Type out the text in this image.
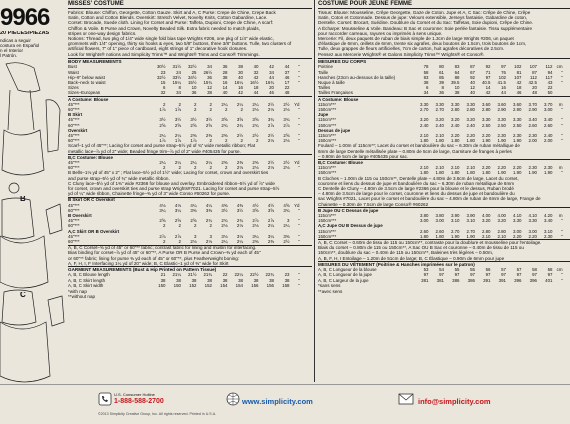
9966
20 PIECES/PIEZAS
ndicas a seguir
costura en Español
n el Interior
l Patrón.
B
C
MISSES' COSTUME	COSTUME POUR JEUNE FEMME
Fabrics: Blouse: Chiffon, Georgette, Cotton Gauze. Skirt and A, C Purse: Crepe de Chine, Crepe Back
Satin, Cotton and Cotton Blends. Overskirt: Stretch Velvet, Novelty Knits, Cotton Gabardine, Lace.
Corset: Brocade, Suede cloth. Lining for Corset and Purse: Taffeta, Dupioni, Crepe de Chine, A scarf:
Chiffon & Voile. B Purse and Crown, Novelty Beaded Silk. Extra fabric needed to match plaids,
stripes or one-way design fabrics.
Notions: Thread, two pkg of 1/4" wide single fold bias tape Wrights #206, one pkg of 1/4" wide elastic,
grommets with 1/4" opening, thirty six hooks & eyes, two 5/8" buttons, three 3/8" buttons. Tulle, two clusters of
artificial flowers, 7" of 1" piece of cardboard, eight strings of 1" decorative hook closures.
Look for Wrights® notions and Simplicity Trims™ and Wrights® Trims and Conso® Trimmings.
Tissus: Blouse: Mousseline, Crêpe Georgette, Gaze de Coton. Jupe et A, C Sac: Crêpe de Chine, Crêpe
Satin, Coton et Cotonnade. Dessus de jupe: Velours extensible, Jerseys fantaisie, Gabardine de coton,
Dentelle. Corset: Brocart, Suédine. Doublure du Corset et du Sac: Taffetas, Soie dupioni, Crêpe de Chine.
A Écharpe: Mousseline & Voile. Bandeau: B Sac et couronne: Soie perlée fantaisie. Tissu supplémentaire
pour raccorder carreaux, rayures ou imprimés à sens unique.
Mercerie: Fil, deux paquets de ruban de biais simple de 1.3cm de large Wrights #206, un paquet
d'élastique de 6mm, œillets de 6mm, trente six agrafes, deux boutons de 1.5cm, trois boutons de 1cm,
Tulle, deux grappes de fleurs artificielles, 7cm de carton, huit agrafes décoratives de 2.5cm.
Pensez aux Mercerie Wrights® et Galons Simplicity Trims™ Wrights® et Conso®.
BODY MEASUREMENTS
Bust	30½	31½	32½	34	36	38	40	42	44	"
Waist	23	24	25	26½	28	30	32	34	37	"
Hip–9" below waist	32½	33½	34½	36	38	40	42	44	46	"
Back–neck to waist	15	15¼	15½	15¾	16	16¼	16½	16¾	17	"
Sizes	6	8	10	12	14	16	18	20	22
Sizes–European	32	34	36	38	40	42	44	46	48
A Costume: Blouse
45"***	2	2	2	2	2¼	2¼	2¼	2½	2½	Yd
60"***	1⅞	1⅞	2	2	2	2	2⅛	2⅛	2⅛	"
B Skirt
45"***	3½	3½	3½	3½	3⅝	3⅝	3⅝	3¾	3¾	"
60"***	2⅝	2⅝	2⅝	2⅝	2¾	2¾	2¾	2⅞	2⅞	"
Overskirt
45"***	2¼	2¼	2⅜	2⅜	2⅜	2½	2½	2½	2⅝	"
60"***	1⅞	1⅞	1⅞	2	2	2	2	2⅛	2⅛	"
Scarf–1 yd of 45"**; Lacing for corset and purse strap–5½ yd of ¾" wide metallic ribbon; Flat
metallic lace–⅞ yd of 2" wide; Beaded fringe trim–⅞ yd of 2" wide #405435 for purse.
B,C Costume: Blouse
45"***	2¼	2¼	2¼	2¼	2⅜	2⅜	2⅜	2½	2½	Yd
60"***	2	2	2	2	2	2⅛	2⅛	2⅛	2⅛	"
B Bells–1⅛ yd of 45" x 2" ; Flat lace–5½ yd of 1½" wide; Lacing for corset, crown and overskirt ties
and purse strap–5½ yd of ¾" wide metallic ribbon.
C Cluny lace–5½ yd of 1⅜" wide #2366 for blouse and overlay. Embroidered ribbon–5½ yd of ⅞" wide
for corset, crown and overskirt ties and purse strap Wrights#7021. Lacing for corset and purse strap–5½
yd of ¼" wide ribbon, Chainette fringe–⅜ yd of 3" wide Conso #60262 for purse.
B Skirt OR C Overskirt
45"***	4⅛	4⅛	4¼	4¼	4⅜	4⅜	4½	4½	4⅝	Yd
60"***	3¼	3¼	3⅜	3⅜	3½	3½	3⅝	3⅝	3¾	"
B Overskirt
45"***	2⅝	2⅝	2⅝	2¾	2¾	2¾	2⅞	2⅞	3	"
60"***	2	2	2	2	2⅛	2⅛	2⅛	2¼	2¼	"
A,C Skirt OR B Overskirt
45"***	2⅞	2⅞	3	3	3⅛	3⅛	3¼	3¼	3⅜	"
60"***	2	2	2⅛	2⅛	2¼	2¼	2⅜	2⅜	2½	"
A, B, C Corset–⅝ yd of 45" or 60"** fabric; contrast fabric for lining and muslin for interfacing.
Bias binding for corset–⅞ yd of 45" or 60"**, A Purse OR B Purse and Crown–⅜ yd each of 45"
or 60"** fabric; lining for purse ⅜ yd each of 45" or 60"**, plus Featherweight boning:
A, F, H, I, F Interfacing 1¼ yd of 20" wide; B, C Elastic–1 yd of ⅜" wide for Skirt
GARMENT MEASUREMENTS (Bust & Hip Printed on Pattern Tissue)
A, B, C Blouse length	21	21¼	21½	21¾	22	22¼	22½	22¾	23	"
A, B, C Skirt length	38	38	38	38	38	38	38	38	38	"
A, B, C Skirt width	150	150	152	152	154	154	156	156	158	"
*with nap
**without nap
MESURES DU CORPS
Poitrine	78	80	83	87	92	97	102	107	112 cm
Taille	58	61	64	67	71	76	81	87	94	"
Hanches (23cm au-dessous de la taille)	83	85	88	92	97	102	107	112	117	"
Nuque à taille	38	39	39.5	40	40.5	41.5	42	42.5	43	"
Tailles	6	8	10	12	14	16	18	20	22
Tailles Françaises	34	36	38	40	42	44	46	48	50
A Costume: Blouse
115cm***	3.30	3.30	3.30	3.30	3.60	3.60	3.60	3.70	3.70	m
150cm***	2.70	2.70	2.80	2.80	2.80	2.90	2.90	2.90	3.00	"
Jupe
115cm***	3.20	3.20	3.20	3.20	3.30	3.30	3.30	3.40	3.40	"
150cm***	2.40	2.40	2.40	2.40	2.50	2.50	2.50	2.60	2.60	"
Dessus de jupe
115cm***	2.10	2.10	2.20	2.20	2.20	2.30	2.30	2.30	2.40	"
150cm***	1.80	1.80	1.80	1.80	1.90	1.90	1.90	2.00	2.00	"
Foulard – 1.00m of 115cm**; Lacet du corset et bandoulière du sac – 6.30m de ruban métallique de
6mm de large Dentelle métallisée plate – 0.80m de 5cm de large, Garniture de franges à perles
– 0.80m de 5cm de large #405435 pour sac.
B,C Costume: Blouse
115cm***	2.10	2.10	2.10	2.10	2.20	2.20	2.20	2.30	2.30	m
150cm***	1.80	1.80	1.80	1.80	1.80	1.90	1.90	1.90	1.90	"
B Cloches – 1.00m de 115 ou 150cm**, Dentelle plate – 4.80m de 3.8cm de large, Lacet du corset,
couronne et liens du dessus de jupe et bandoulière du sac – 6.30m de ruban métallique de 6mm
C Dentelle de Cluny – 4.80m de 3.5cm de large #2366 pour la blouse et le dessus, Ruban brodé
– 4.80m de 3.5cm de large pour le corset, couronne et liens du dessus de jupe et bandoulière du
sac Wrights #7021, Lacet pour le corset et bandoulière du sac – 4.80m de ruban de 6mm de large, Frange de
Chainette – 0.30m de 7.5cm de large Conso® #60262
B Jupe OU C Dessus de jupe
115cm***	3.80	3.80	3.90	3.90	4.00	4.00	4.10	4.10	4.20	m
150cm***	3.00	3.00	3.10	3.10	3.20	3.20	3.30	3.30	3.40	"
A,C Jupe OU B Dessus de jupe
115cm***	2.60	2.60	2.70	2.70	2.80	2.80	3.00	3.00	3.10	"
150cm***	1.80	1.80	1.90	1.90	2.10	2.10	2.20	2.20	2.30	"
A, B, C Corset – 0.60m de tissu de 115 ou 150cm**, contraste pour la doublure et mousseline pour l'entoilage.
Biais du corset – 0.80m de 115 ou 150cm**, A Sac OU B Sac et couronne – 0.40m de tissu de 115 ou
150cm**, doublure du sac – 0.40m de 115 ou 150cm**, Baleines très légères – 0.50m,
A, B, F, H, I Entoilage – 1.20m de 51cm de large; B, C Élastique – 0.90m de 6mm pour jupe
MESURES DU VÊTEMENT (Poitrine & Hanches imprimées sur le patron)
A, B, C Longueur de la blouse	53	54	55	55	56	57	57	58	58 cm
A, B, C Longueur de la jupe	97	97	97	97	97	97	97	97	97	"
A, B, C Largeur de la jupe	381	381	386	386	391	391	396	396	401	"
*sans sens
**avec sens
U.S. Consumer Hotline
1-888-588-2700	www.simplicity.com	info@simplicity.com
©2013 Simplicity Creative Group, Inc. All rights reserved. Printed in U.S.A.
